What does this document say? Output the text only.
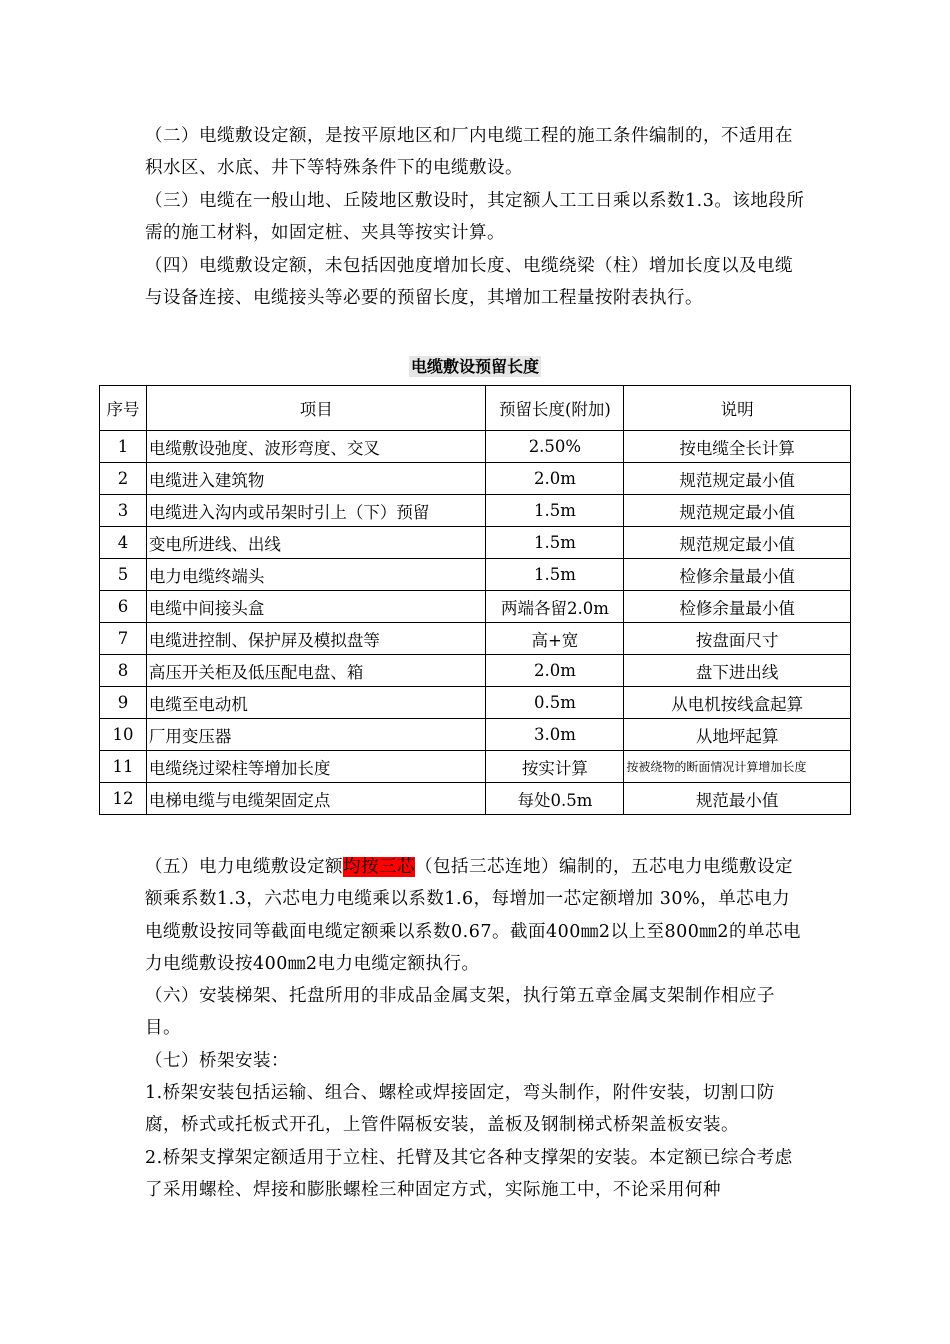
（二）电缆敷设定额，是按平原地区和厂内电缆工程的施工条件编制的，不适用在积水区、水底、井下等特殊条件下的电缆敷设。

（三）电缆在一般山地、丘陵地区敷设时，其定额人工工日乘以系数1.3。该地段所需的施工材料，如固定桩、夹具等按实计算。

（四）电缆敷设定额，未包括因弛度增加长度、电缆绕梁（柱）增加长度以及电缆与设备连接、电缆接头等必要的预留长度，其增加工程量按附表执行。

电缆敷设预留长度
序号	项目	预留长度(附加)	说明
1	电缆敷设弛度、波形弯度、交叉	2.50%	按电缆全长计算
2	电缆进入建筑物	2.0m	规范规定最小值
3	电缆进入沟内或吊架时引上（下）预留	1.5m	规范规定最小值
4	变电所进线、出线	1.5m	规范规定最小值
5	电力电缆终端头	1.5m	检修余量最小值
6	电缆中间接头盒	两端各留2.0m	检修余量最小值
7	电缆进控制、保护屏及模拟盘等	高+宽	按盘面尺寸
8	高压开关柜及低压配电盘、箱	2.0m	盘下进出线
9	电缆至电动机	0.5m	从电机按线盒起算
10	厂用变压器	3.0m	从地坪起算
11	电缆绕过梁柱等增加长度	按实计算	按被绕物的断面情况计算增加长度
12	电梯电缆与电缆架固定点	每处0.5m	规范最小值

（五）电力电缆敷设定额均按三芯（包括三芯连地）编制的，五芯电力电缆敷设定额乘系数1.3，六芯电力电缆乘以系数1.6，每增加一芯定额增加 30%，单芯电力电缆敷设按同等截面电缆定额乘以系数0.67。截面400㎜2以上至800㎜2的单芯电力电缆敷设按400㎜2电力电缆定额执行。

（六）安装梯架、托盘所用的非成品金属支架，执行第五章金属支架制作相应子目。

（七）桥架安装：

1.桥架安装包括运输、组合、螺栓或焊接固定，弯头制作，附件安装，切割口防腐，桥式或托板式开孔，上管件隔板安装，盖板及钢制梯式桥架盖板安装。

2.桥架支撑架定额适用于立柱、托臂及其它各种支撑架的安装。本定额已综合考虑了采用螺栓、焊接和膨胀螺栓三种固定方式，实际施工中，不论采用何种
